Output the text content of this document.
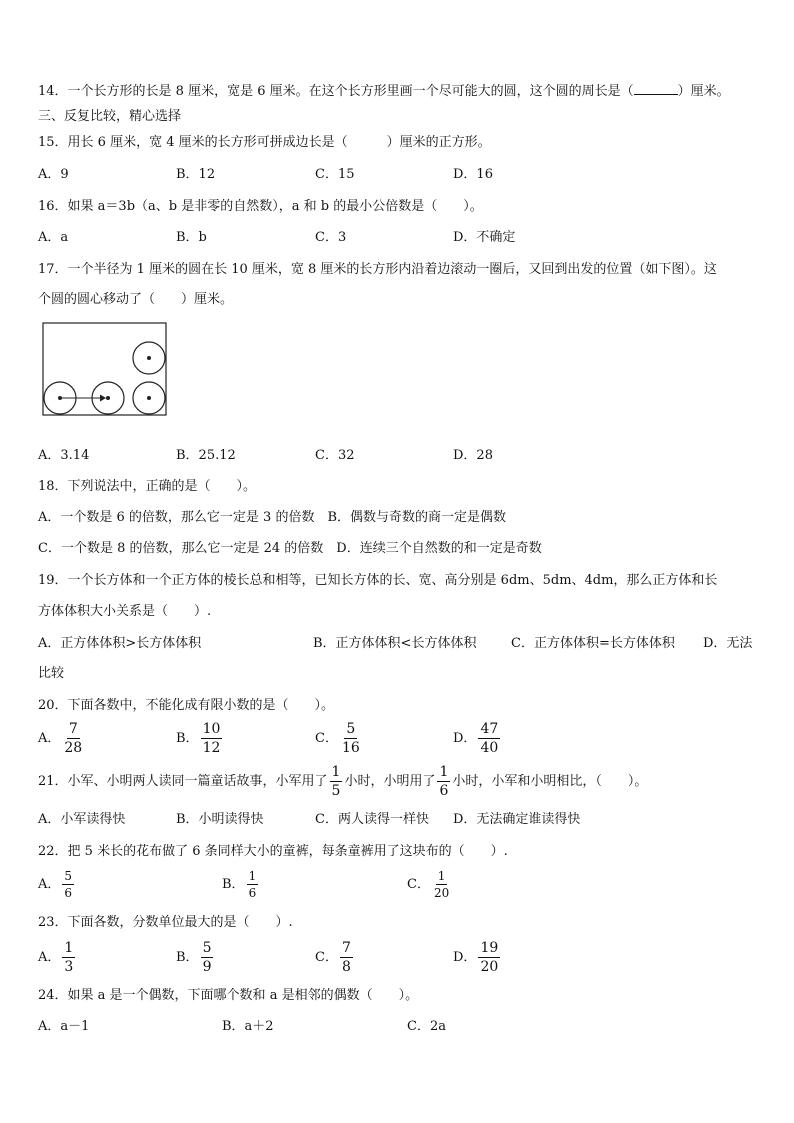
14．一个长方形的长是 8 厘米，宽是 6 厘米。在这个长方形里画一个尽可能大的圆，这个圆的周长是（	）厘米。
三、反复比较，精心选择
15．用长 6 厘米，宽 4 厘米的长方形可拼成边长是（　　　）厘米的正方形。
A．9	B．12	C．15	D．16
16．如果 a＝3b（a、b 是非零的自然数），a 和 b 的最小公倍数是（　　）。
A．a	B．b	C．3	D．不确定
17．一个半径为 1 厘米的圆在长 10 厘米，宽 8 厘米的长方形内沿着边滚动一圈后，又回到出发的位置（如下图）。这
个圆的圆心移动了（　　）厘米。
A．3.14	B．25.12	C．32	D．28
18．下列说法中，正确的是（　　）。
A．一个数是 6 的倍数，那么它一定是 3 的倍数　B．偶数与奇数的商一定是偶数
C．一个数是 8 的倍数，那么它一定是 24 的倍数　D．连续三个自然数的和一定是奇数
19．一个长方体和一个正方体的棱长总和相等，已知长方体的长、宽、高分别是 6dm、5dm、4dm，那么正方体和长
方体体积大小关系是（　　）.
A．正方体体积>长方体体积	B．正方体体积<长方体体积	C．正方体体积=长方体体积 D．无法
比较
20．下面各数中，不能化成有限小数的是（　　）。
A． $\frac{7}{28}$	B． $\frac{10}{12}$	C． $\frac{5}{16}$	D． $\frac{47}{40}$
21．小军、小明两人读同一篇童话故事，小军用了 $\frac{1}{5}$ 小时，小明用了 $\frac{1}{6}$ 小时，小军和小明相比，（　　）。
A．小军读得快	B．小明读得快	C．两人读得一样快 D．无法确定谁读得快
22．把 5 米长的花布做了 6 条同样大小的童裤，每条童裤用了这块布的（　　）.
A． $\frac{5}{6}$	B． $\frac{1}{6}$	C． $\frac{1}{20}$
23．下面各数，分数单位最大的是（　　）.
A． $\frac{1}{3}$	B． $\frac{5}{9}$	C． $\frac{7}{8}$	D． $\frac{19}{20}$
24．如果 a 是一个偶数，下面哪个数和 a 是相邻的偶数（　　）。
A．a－1	B．a＋2	C．2a
